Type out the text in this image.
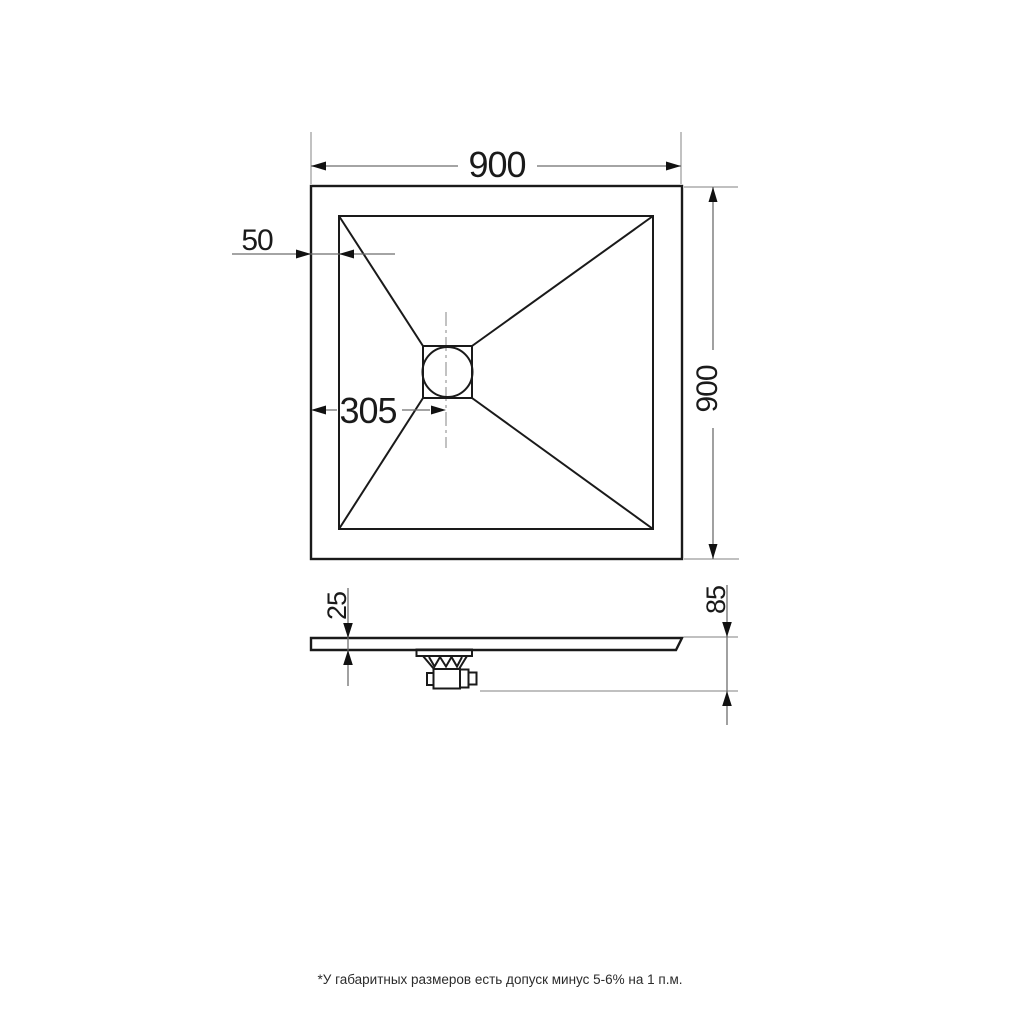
900
900
50
305
25	85
*У габаритных размеров есть допуск минус 5-6% на 1 п.м.
